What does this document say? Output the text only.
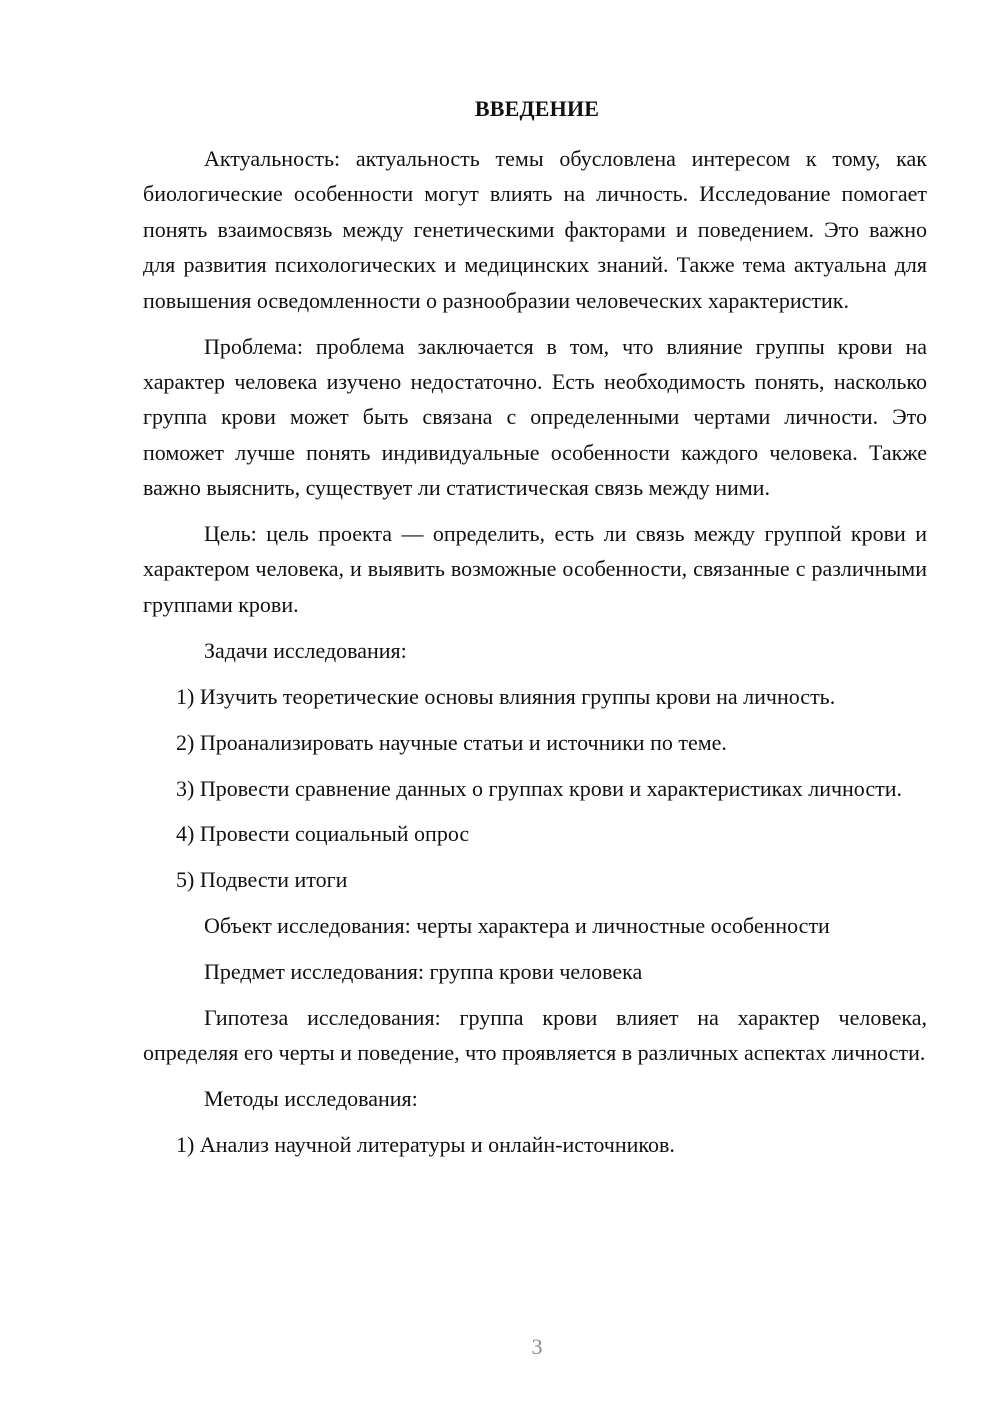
ВВЕДЕНИЕ

Актуальность: актуальность темы обусловлена интересом к тому, как биологические особенности могут влиять на личность. Исследование помогает понять взаимосвязь между генетическими факторами и поведением. Это важно для развития психологических и медицинских знаний. Также тема актуальна для повышения осведомленности о разнообразии человеческих характеристик.

Проблема: проблема заключается в том, что влияние группы крови на характер человека изучено недостаточно. Есть необходимость понять, насколько группа крови может быть связана с определенными чертами личности. Это поможет лучше понять индивидуальные особенности каждого человека. Также важно выяснить, существует ли статистическая связь между ними.

Цель: цель проекта — определить, есть ли связь между группой крови и характером человека, и выявить возможные особенности, связанные с различными группами крови.

Задачи исследования:

1) Изучить теоретические основы влияния группы крови на личность.

2) Проанализировать научные статьи и источники по теме.

3) Провести сравнение данных о группах крови и характеристиках личности.

4) Провести социальный опрос

5) Подвести итоги

Объект исследования: черты характера и личностные особенности

Предмет исследования: группа крови человека

Гипотеза исследования: группа крови влияет на характер человека, определяя его черты и поведение, что проявляется в различных аспектах личности.

Методы исследования:

1) Анализ научной литературы и онлайн-источников.

3
